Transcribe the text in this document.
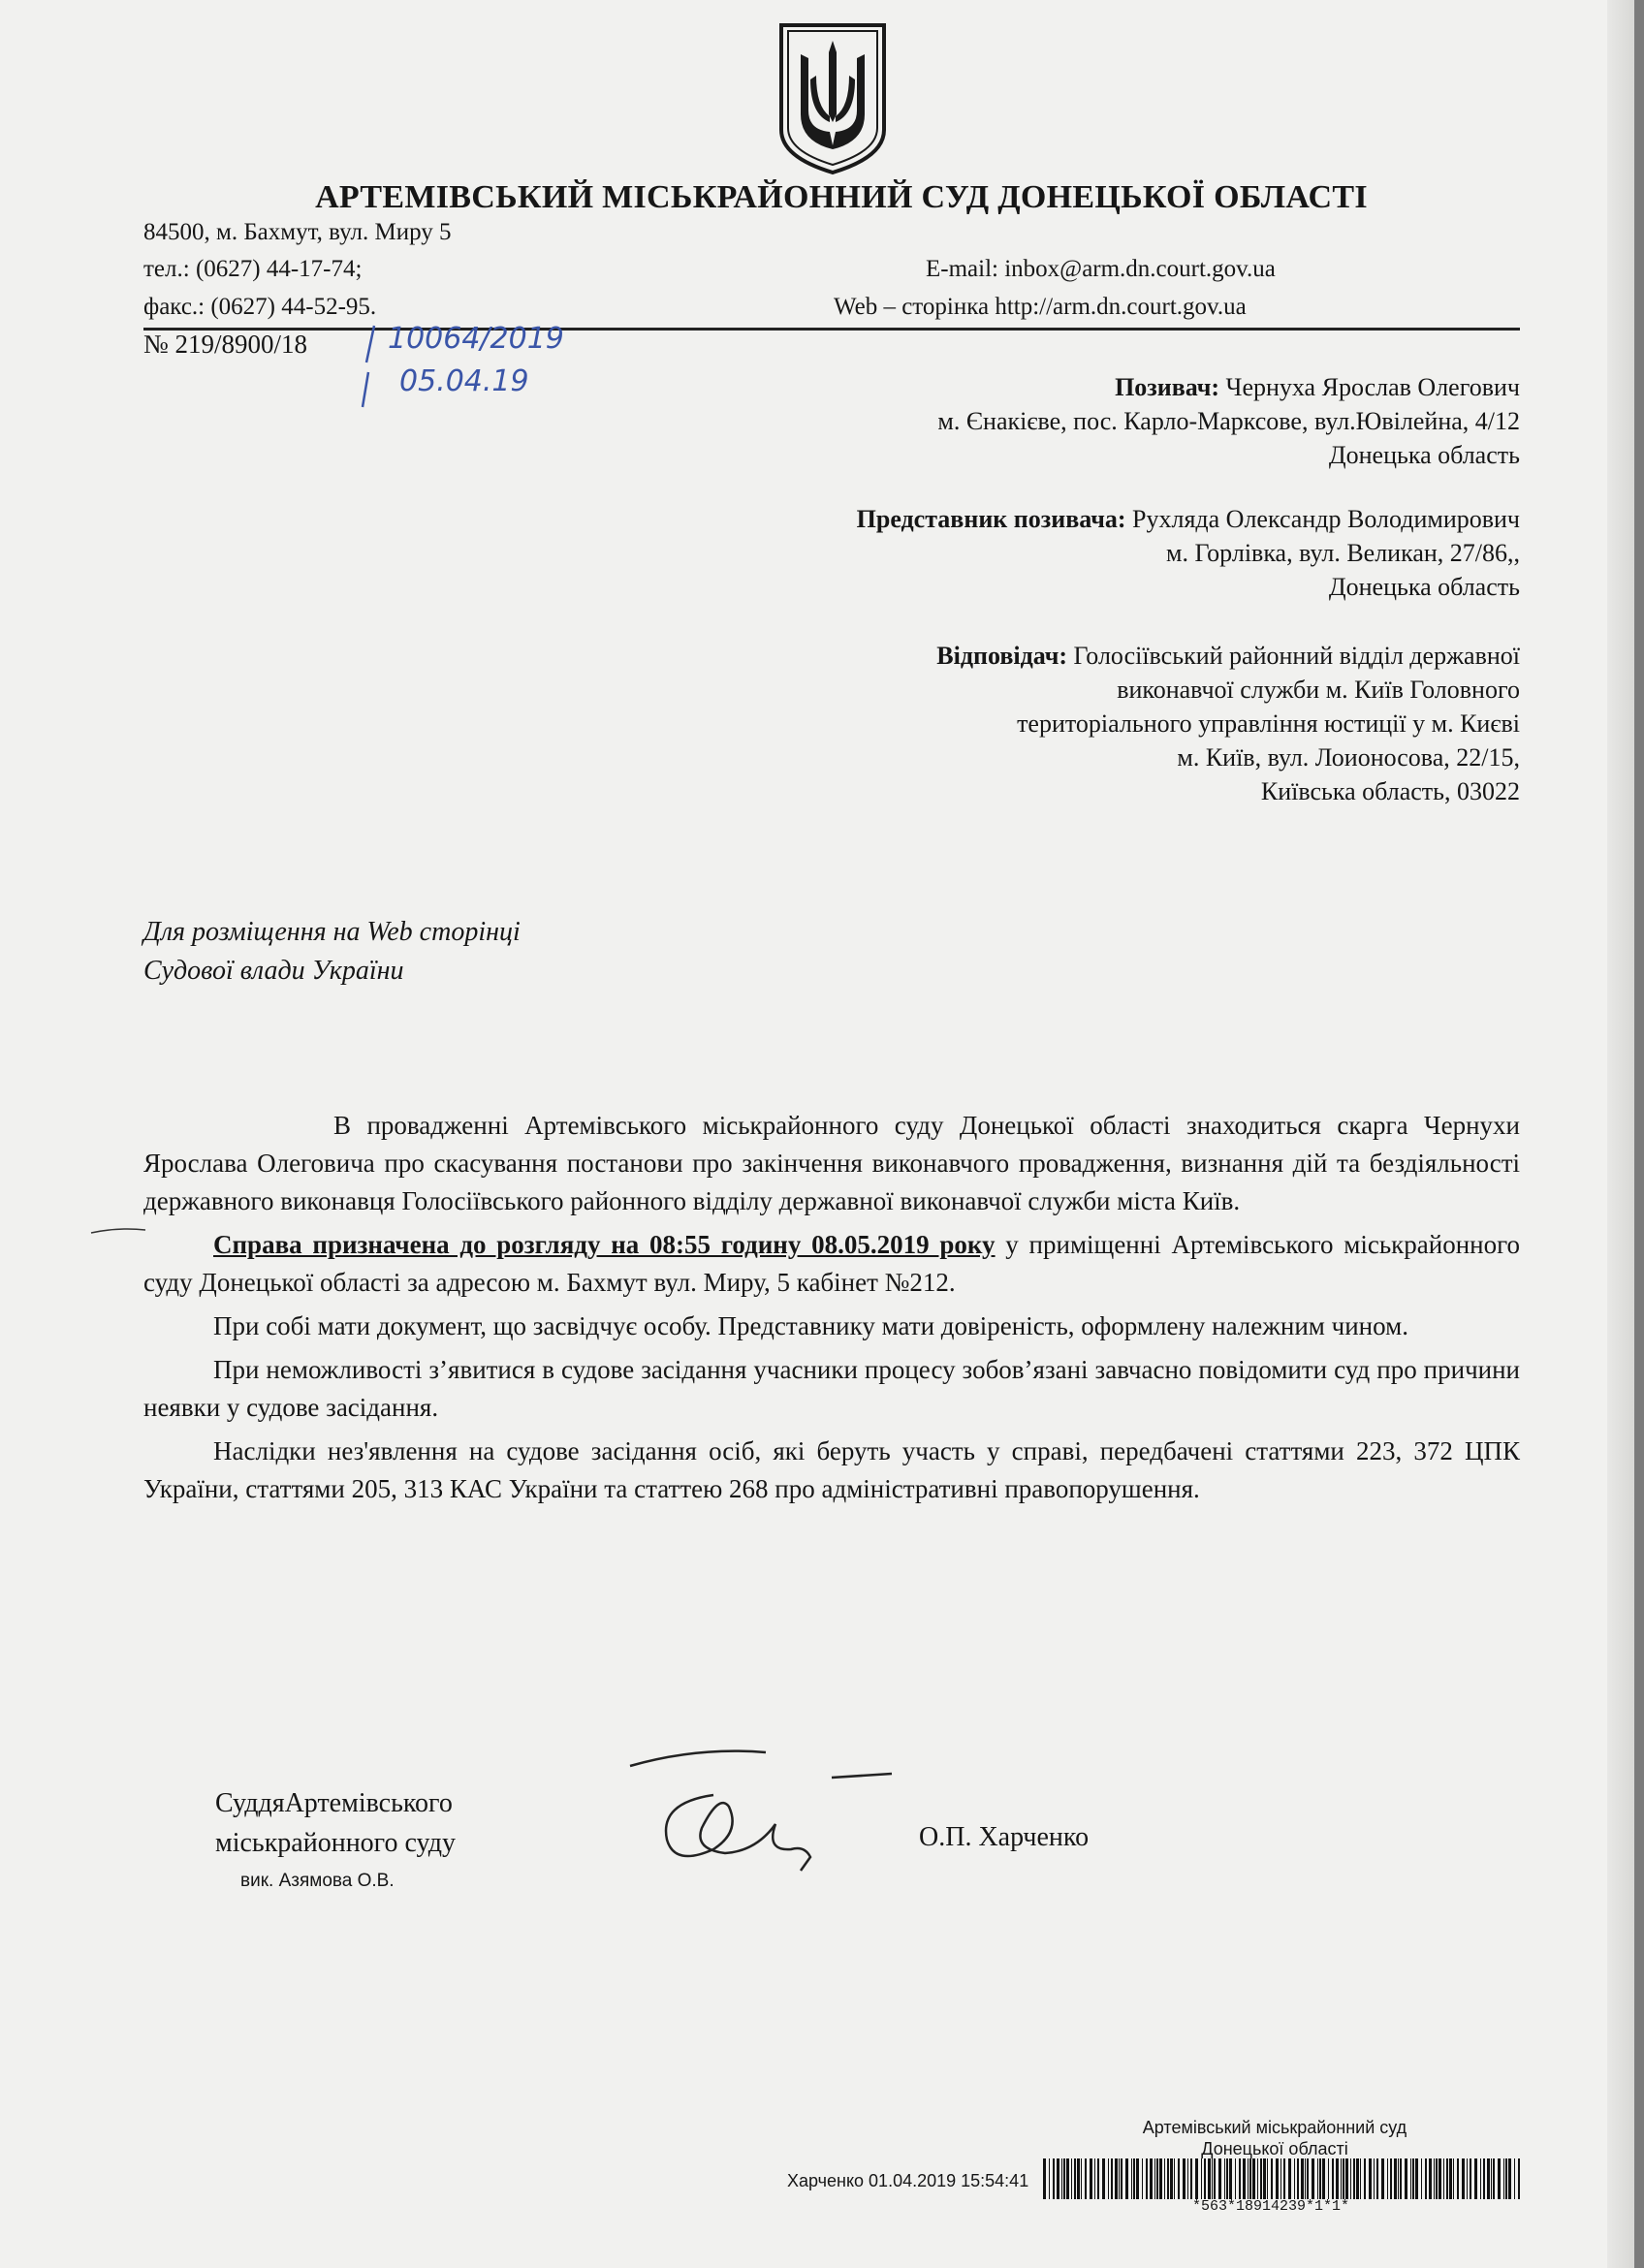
АРТЕМІВСЬКИЙ МІСЬКРАЙОННИЙ СУД ДОНЕЦЬКОЇ ОБЛАСТІ
84500, м. Бахмут, вул. Миру 5
тел.: (0627) 44-17-74;
факс.: (0627) 44-52-95.
E-mail: inbox@arm.dn.court.gov.ua
Web – сторінка http://arm.dn.court.gov.ua
№ 219/8900/18	10064/2019
05.04.19	Позивач: Чернуха Ярослав Олегович
м. Єнакієве, пос. Карло-Марксове, вул.Ювілейна, 4/12
Донецька область
Представник позивача: Рухляда Олександр Володимирович
м. Горлівка, вул. Великан, 27/86,,
Донецька область
Відповідач: Голосіївський районний відділ державної
виконавчої служби м. Київ Головного
територіального управління юстиції у м. Києві
м. Київ, вул. Лоионосова, 22/15,
Київська область, 03022
Для розміщення на Web сторінці
Судової влади України

В провадженні Артемівського міськрайонного суду Донецької області знаходиться скарга Чернухи Ярослава Олеговича про скасування постанови про закінчення виконавчого провадження, визнання дій та бездіяльності державного виконавця Голосіївського районного відділу державної виконавчої служби міста Київ.

Справа призначена до розгляду на 08:55 годину 08.05.2019 року у приміщенні Артемівського міськрайонного суду Донецької області за адресою м. Бахмут вул. Миру, 5 кабінет №212.

При собі мати документ, що засвідчує особу. Представнику мати довіреність, оформлену належним чином.

При неможливості з’явитися в судове засідання учасники процесу зобов’язані завчасно повідомити суд про причини неявки у судове засідання.

Наслідки нез'явлення на судове засідання осіб, які беруть участь у справі, передбачені статтями 223, 372 ЦПК України, статтями 205, 313 КАС України та статтею 268 про адміністративні правопорушення.

СуддяАртемівського
міськрайонного суду
вик. Азямова О.В.
О.П. Харченко
Артемівський міськрайонний суд
Донецької області
Харченко 01.04.2019 15:54:41
*563*18914239*1*1*
